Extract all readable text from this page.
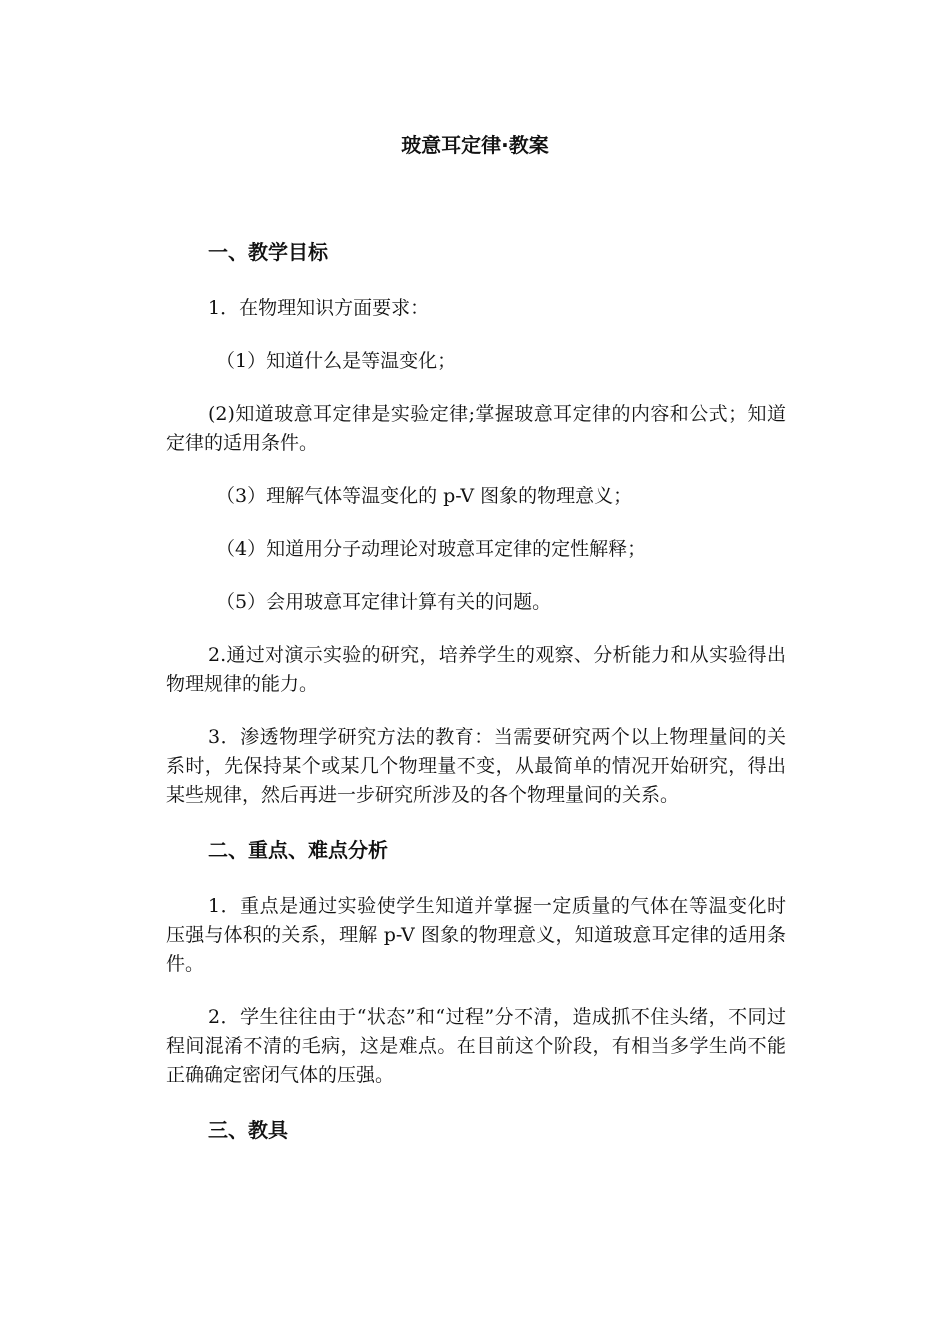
玻意耳定律·教案
一、教学目标

1．在物理知识方面要求：

（1）知道什么是等温变化；

(2)知道玻意耳定律是实验定律;掌握玻意耳定律的内容和公式；知道定律的适用条件。

（3）理解气体等温变化的 p-V 图象的物理意义；

（4）知道用分子动理论对玻意耳定律的定性解释；

（5）会用玻意耳定律计算有关的问题。

2.通过对演示实验的研究，培养学生的观察、分析能力和从实验得出物理规律的能力。

3．渗透物理学研究方法的教育：当需要研究两个以上物理量间的关系时，先保持某个或某几个物理量不变，从最简单的情况开始研究，得出某些规律，然后再进一步研究所涉及的各个物理量间的关系。

二、重点、难点分析

1．重点是通过实验使学生知道并掌握一定质量的气体在等温变化时压强与体积的关系，理解 p-V 图象的物理意义，知道玻意耳定律的适用条件。

2．学生往往由于“状态”和“过程”分不清，造成抓不住头绪，不同过程间混淆不清的毛病，这是难点。在目前这个阶段，有相当多学生尚不能正确确定密闭气体的压强。

三、教具
